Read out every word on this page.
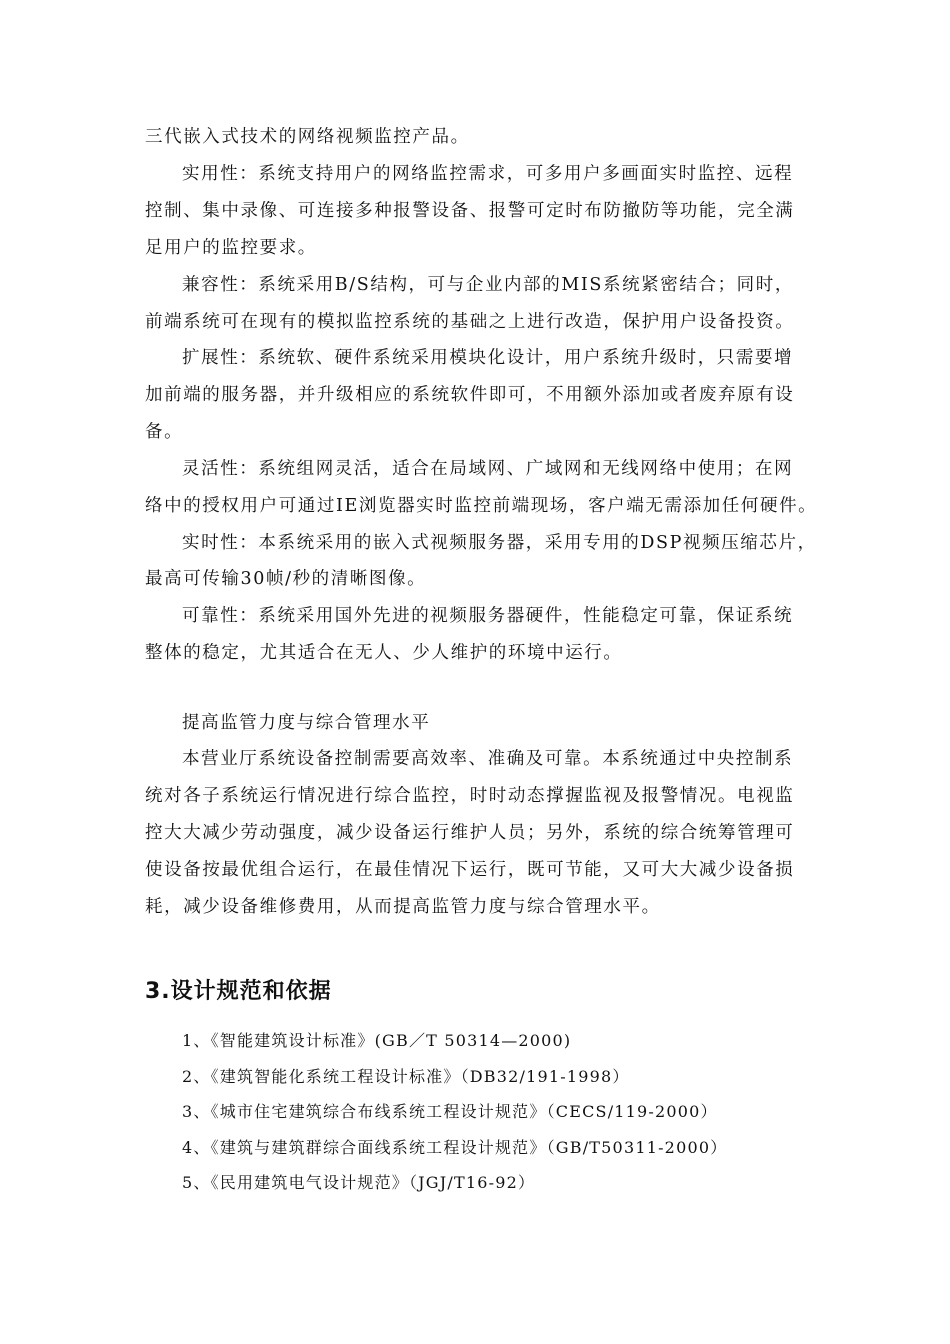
三代嵌入式技术的网络视频监控产品。
实用性：系统支持用户的网络监控需求，可多用户多画面实时监控、远程
控制、集中录像、可连接多种报警设备、报警可定时布防撤防等功能，完全满
足用户的监控要求。
兼容性：系统采用B/S结构，可与企业内部的MIS系统紧密结合；同时，
前端系统可在现有的模拟监控系统的基础之上进行改造，保护用户设备投资。
扩展性：系统软、硬件系统采用模块化设计，用户系统升级时，只需要增
加前端的服务器，并升级相应的系统软件即可，不用额外添加或者废弃原有设
备。
灵活性：系统组网灵活，适合在局域网、广域网和无线网络中使用；在网
络中的授权用户可通过IE浏览器实时监控前端现场，客户端无需添加任何硬件。
实时性：本系统采用的嵌入式视频服务器，采用专用的DSP视频压缩芯片，
最高可传输30帧/秒的清晰图像。
可靠性：系统采用国外先进的视频服务器硬件，性能稳定可靠，保证系统
整体的稳定，尤其适合在无人、少人维护的环境中运行。
提高监管力度与综合管理水平
本营业厅系统设备控制需要高效率、准确及可靠。本系统通过中央控制系
统对各子系统运行情况进行综合监控，时时动态撑握监视及报警情况。电视监
控大大减少劳动强度，减少设备运行维护人员；另外，系统的综合统筹管理可
使设备按最优组合运行，在最佳情况下运行，既可节能，又可大大减少设备损
耗，减少设备维修费用，从而提高监管力度与综合管理水平。
3.设计规范和依据
1、《智能建筑设计标准》(GB／T 50314—2000)
2、《建筑智能化系统工程设计标准》（DB32/191-1998）
3、《城市住宅建筑综合布线系统工程设计规范》（CECS/119-2000）
4、《建筑与建筑群综合面线系统工程设计规范》（GB/T50311-2000）
5、《民用建筑电气设计规范》（JGJ/T16-92）
